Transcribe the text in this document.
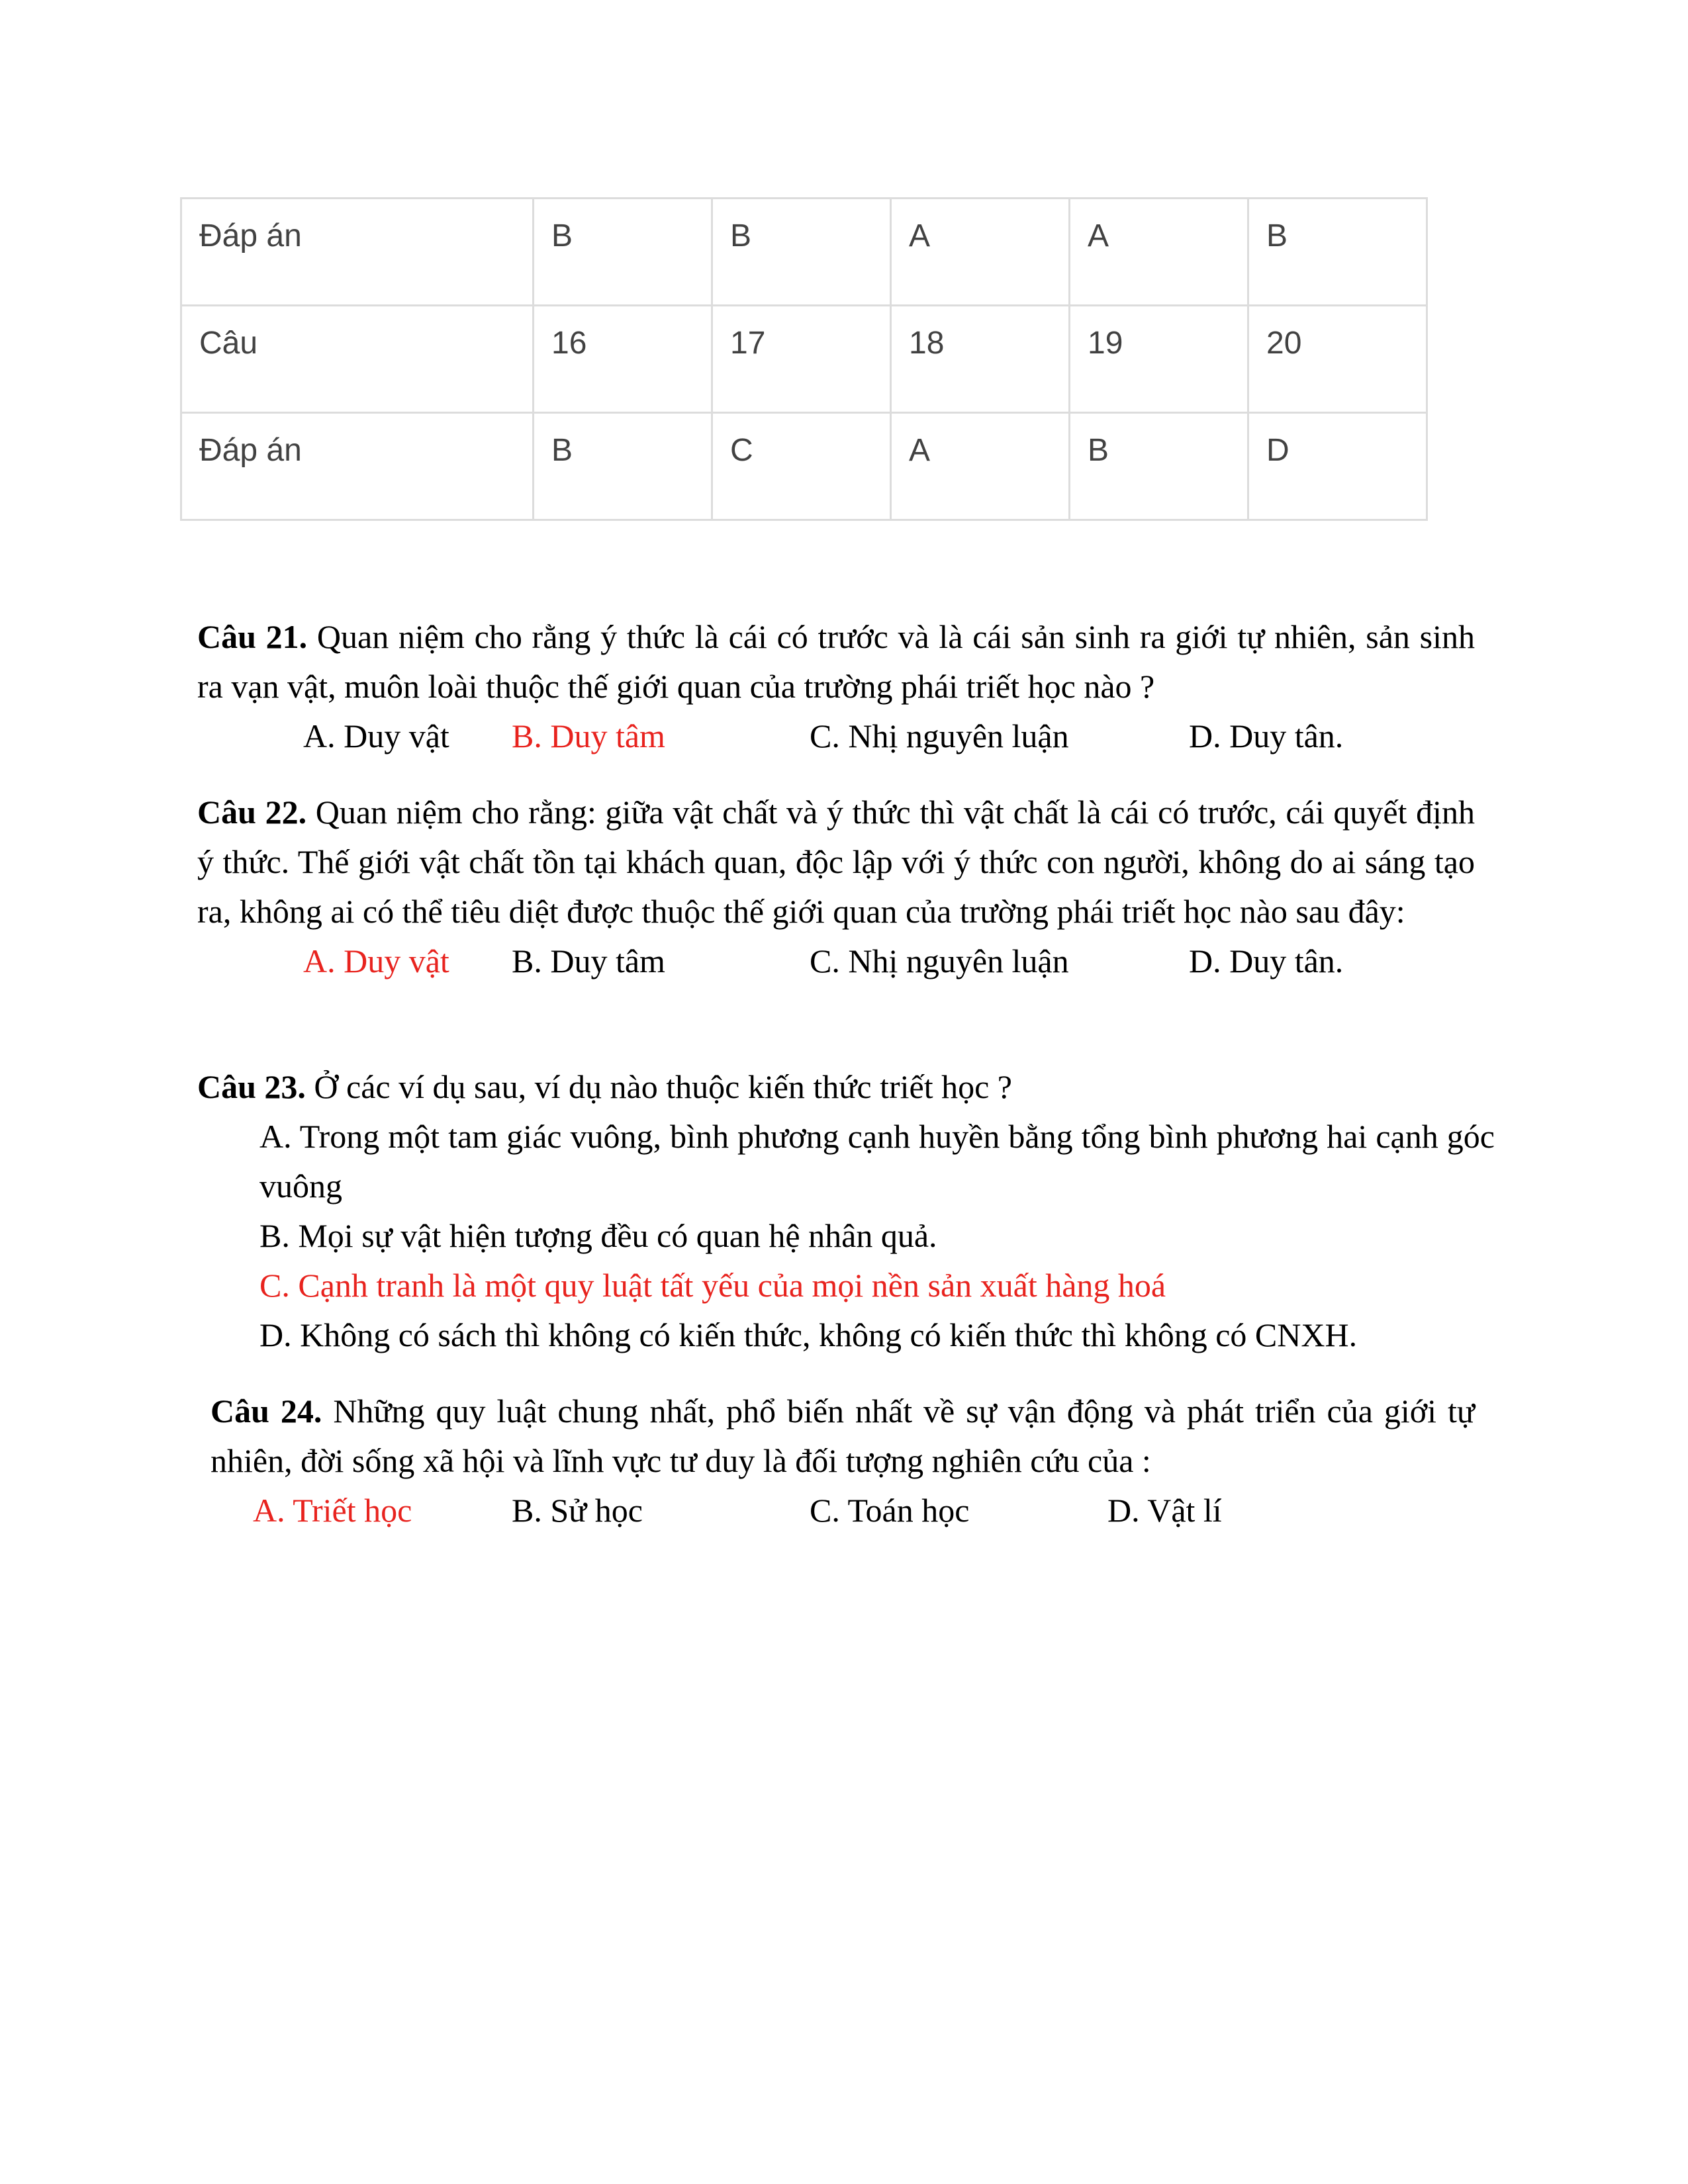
Đáp án	B	B	A	A	B

Câu	16	17	18	19	20

Đáp án	B	C	A	B	D
Câu 21. Quan niệm cho rằng ý thức là cái có trước và là cái sản sinh ra giới tự nhiên, sản sinh ra vạn vật, muôn loài thuộc thế giới quan của trường phái triết học nào ?
A. Duy vật B. Duy tâm	C. Nhị nguyên luận	D. Duy tân.
Câu 22. Quan niệm cho rằng: giữa vật chất và ý thức thì vật chất là cái có trước, cái quyết định ý thức. Thế giới vật chất tồn tại khách quan, độc lập với ý thức con người, không do ai sáng tạo ra, không ai có thể tiêu diệt được thuộc thế giới quan của trường phái triết học nào sau đây:
A. Duy vật B. Duy tâm	C. Nhị nguyên luận	D. Duy tân.
Câu 23. Ở các ví dụ sau, ví dụ nào thuộc kiến thức triết học ?
A. Trong một tam giác vuông, bình phương cạnh huyền bằng tổng bình phương hai cạnh góc vuông
B. Mọi sự vật hiện tượng đều có quan hệ nhân quả.
C. Cạnh tranh là một quy luật tất yếu của mọi nền sản xuất hàng hoá
D. Không có sách thì không có kiến thức, không có kiến thức thì không có CNXH.
Câu 24. Những quy luật chung nhất, phổ biến nhất về sự vận động và phát triển của giới tự nhiên, đời sống xã hội và lĩnh vực tư duy là đối tượng nghiên cứu của :
A. Triết học	B. Sử học	C. Toán học	D. Vật lí
